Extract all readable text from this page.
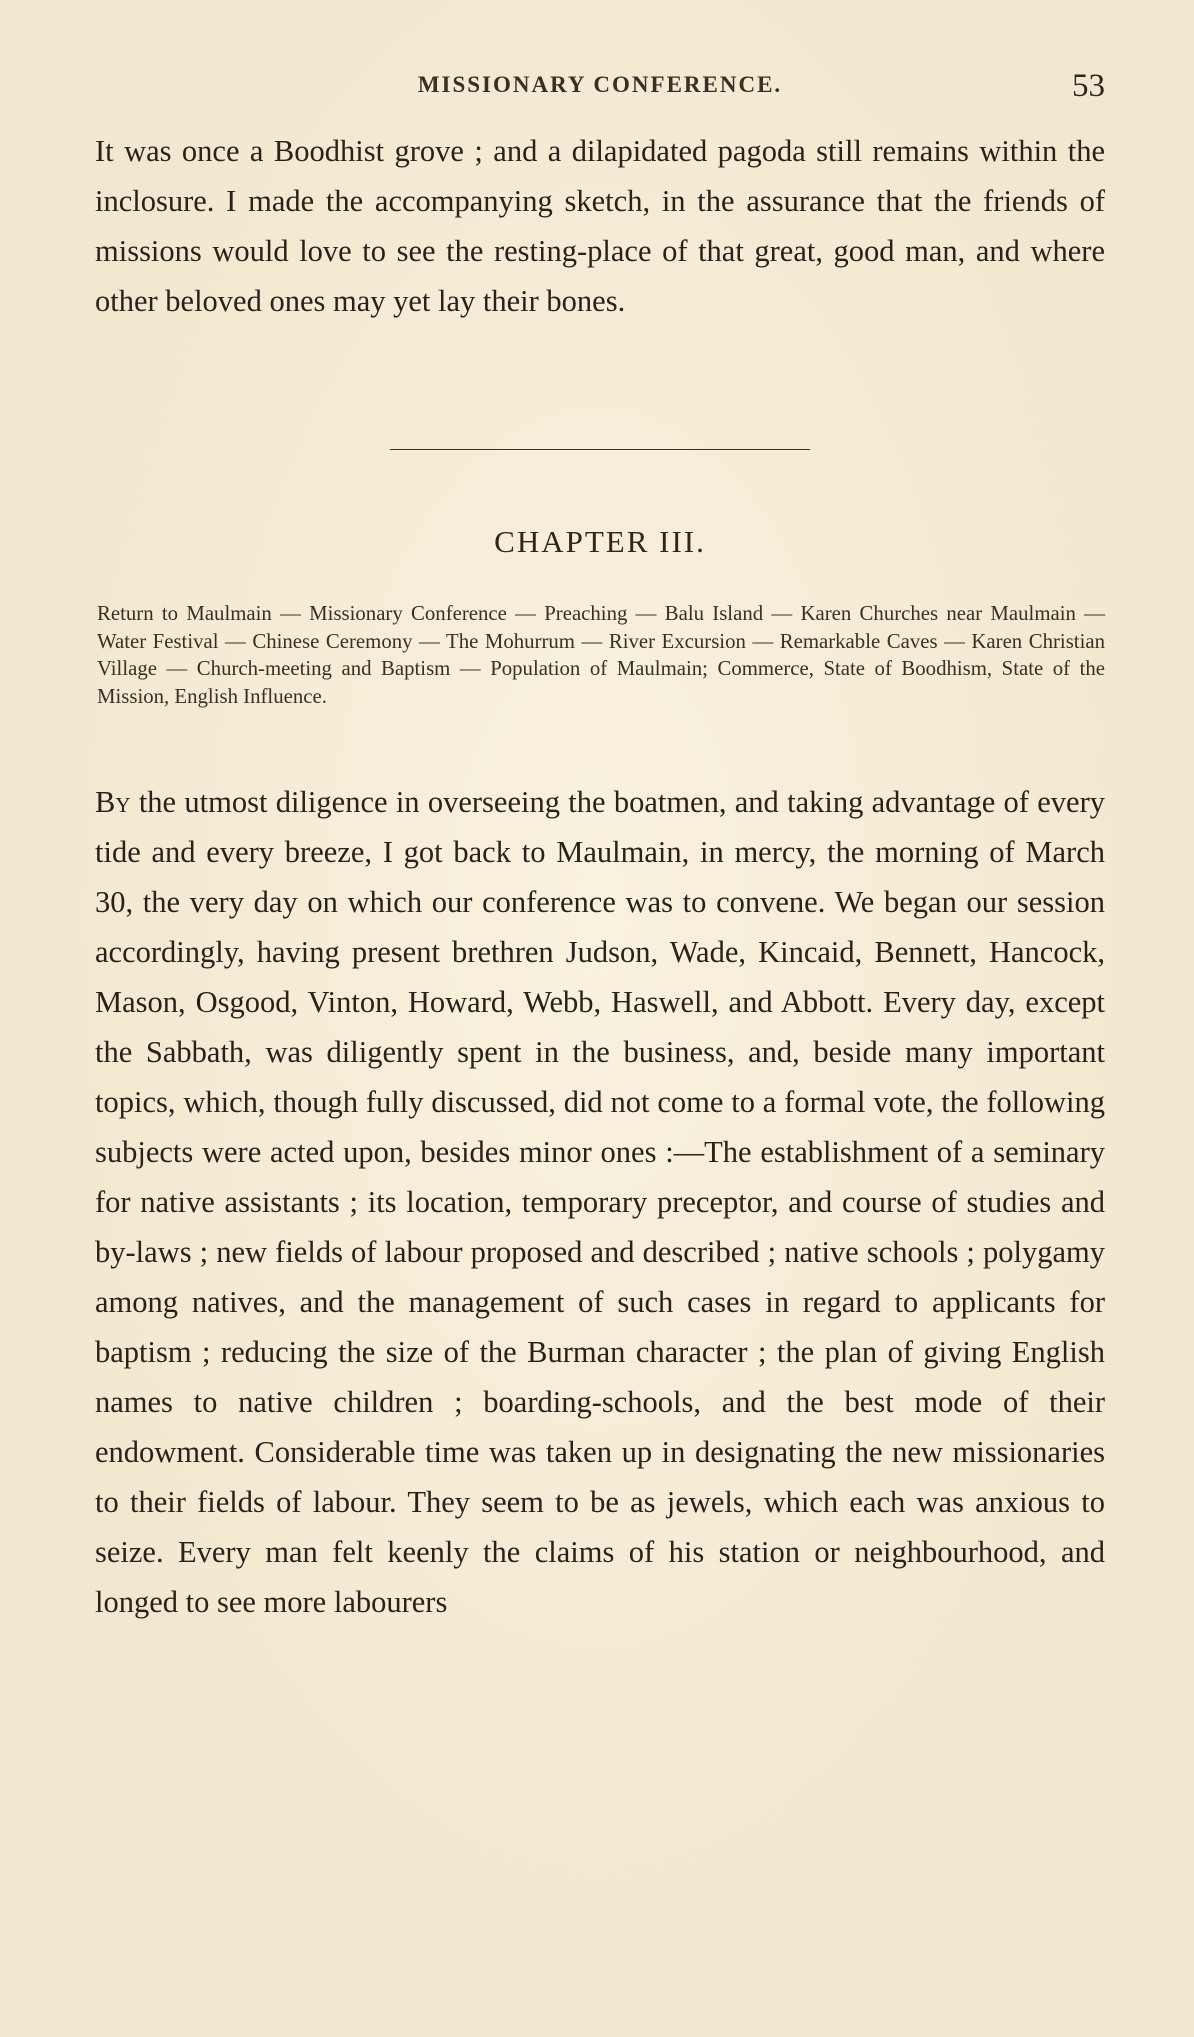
MISSIONARY CONFERENCE.	53

It was once a Boodhist grove ; and a dilapidated pagoda still remains within the inclosure. I made the accompanying sketch, in the assurance that the friends of missions would love to see the resting-place of that great, good man, and where other beloved ones may yet lay their bones.

CHAPTER III.

Return to Maulmain — Missionary Conference — Preaching — Balu Island — Karen Churches near Maulmain — Water Festival — Chinese Ceremony — The Mohurrum — River Excursion — Remarkable Caves — Karen Christian Village — Church-meeting and Baptism — Population of Maulmain; Commerce, State of Boodhism, State of the Mission, English Influence.

By the utmost diligence in overseeing the boatmen, and taking advantage of every tide and every breeze, I got back to Maulmain, in mercy, the morning of March 30, the very day on which our conference was to convene. We began our session accordingly, having present brethren Judson, Wade, Kincaid, Bennett, Hancock, Mason, Osgood, Vinton, Howard, Webb, Haswell, and Abbott. Every day, except the Sabbath, was diligently spent in the business, and, beside many important topics, which, though fully discussed, did not come to a formal vote, the following subjects were acted upon, besides minor ones :—The establishment of a seminary for native assistants ; its location, temporary preceptor, and course of studies and by-laws ; new fields of labour proposed and described ; native schools ; polygamy among natives, and the management of such cases in regard to applicants for baptism ; reducing the size of the Burman character ; the plan of giving English names to native children ; boarding-schools, and the best mode of their endowment. Considerable time was taken up in designating the new missionaries to their fields of labour. They seem to be as jewels, which each was anxious to seize. Every man felt keenly the claims of his station or neighbourhood, and longed to see more labourers
